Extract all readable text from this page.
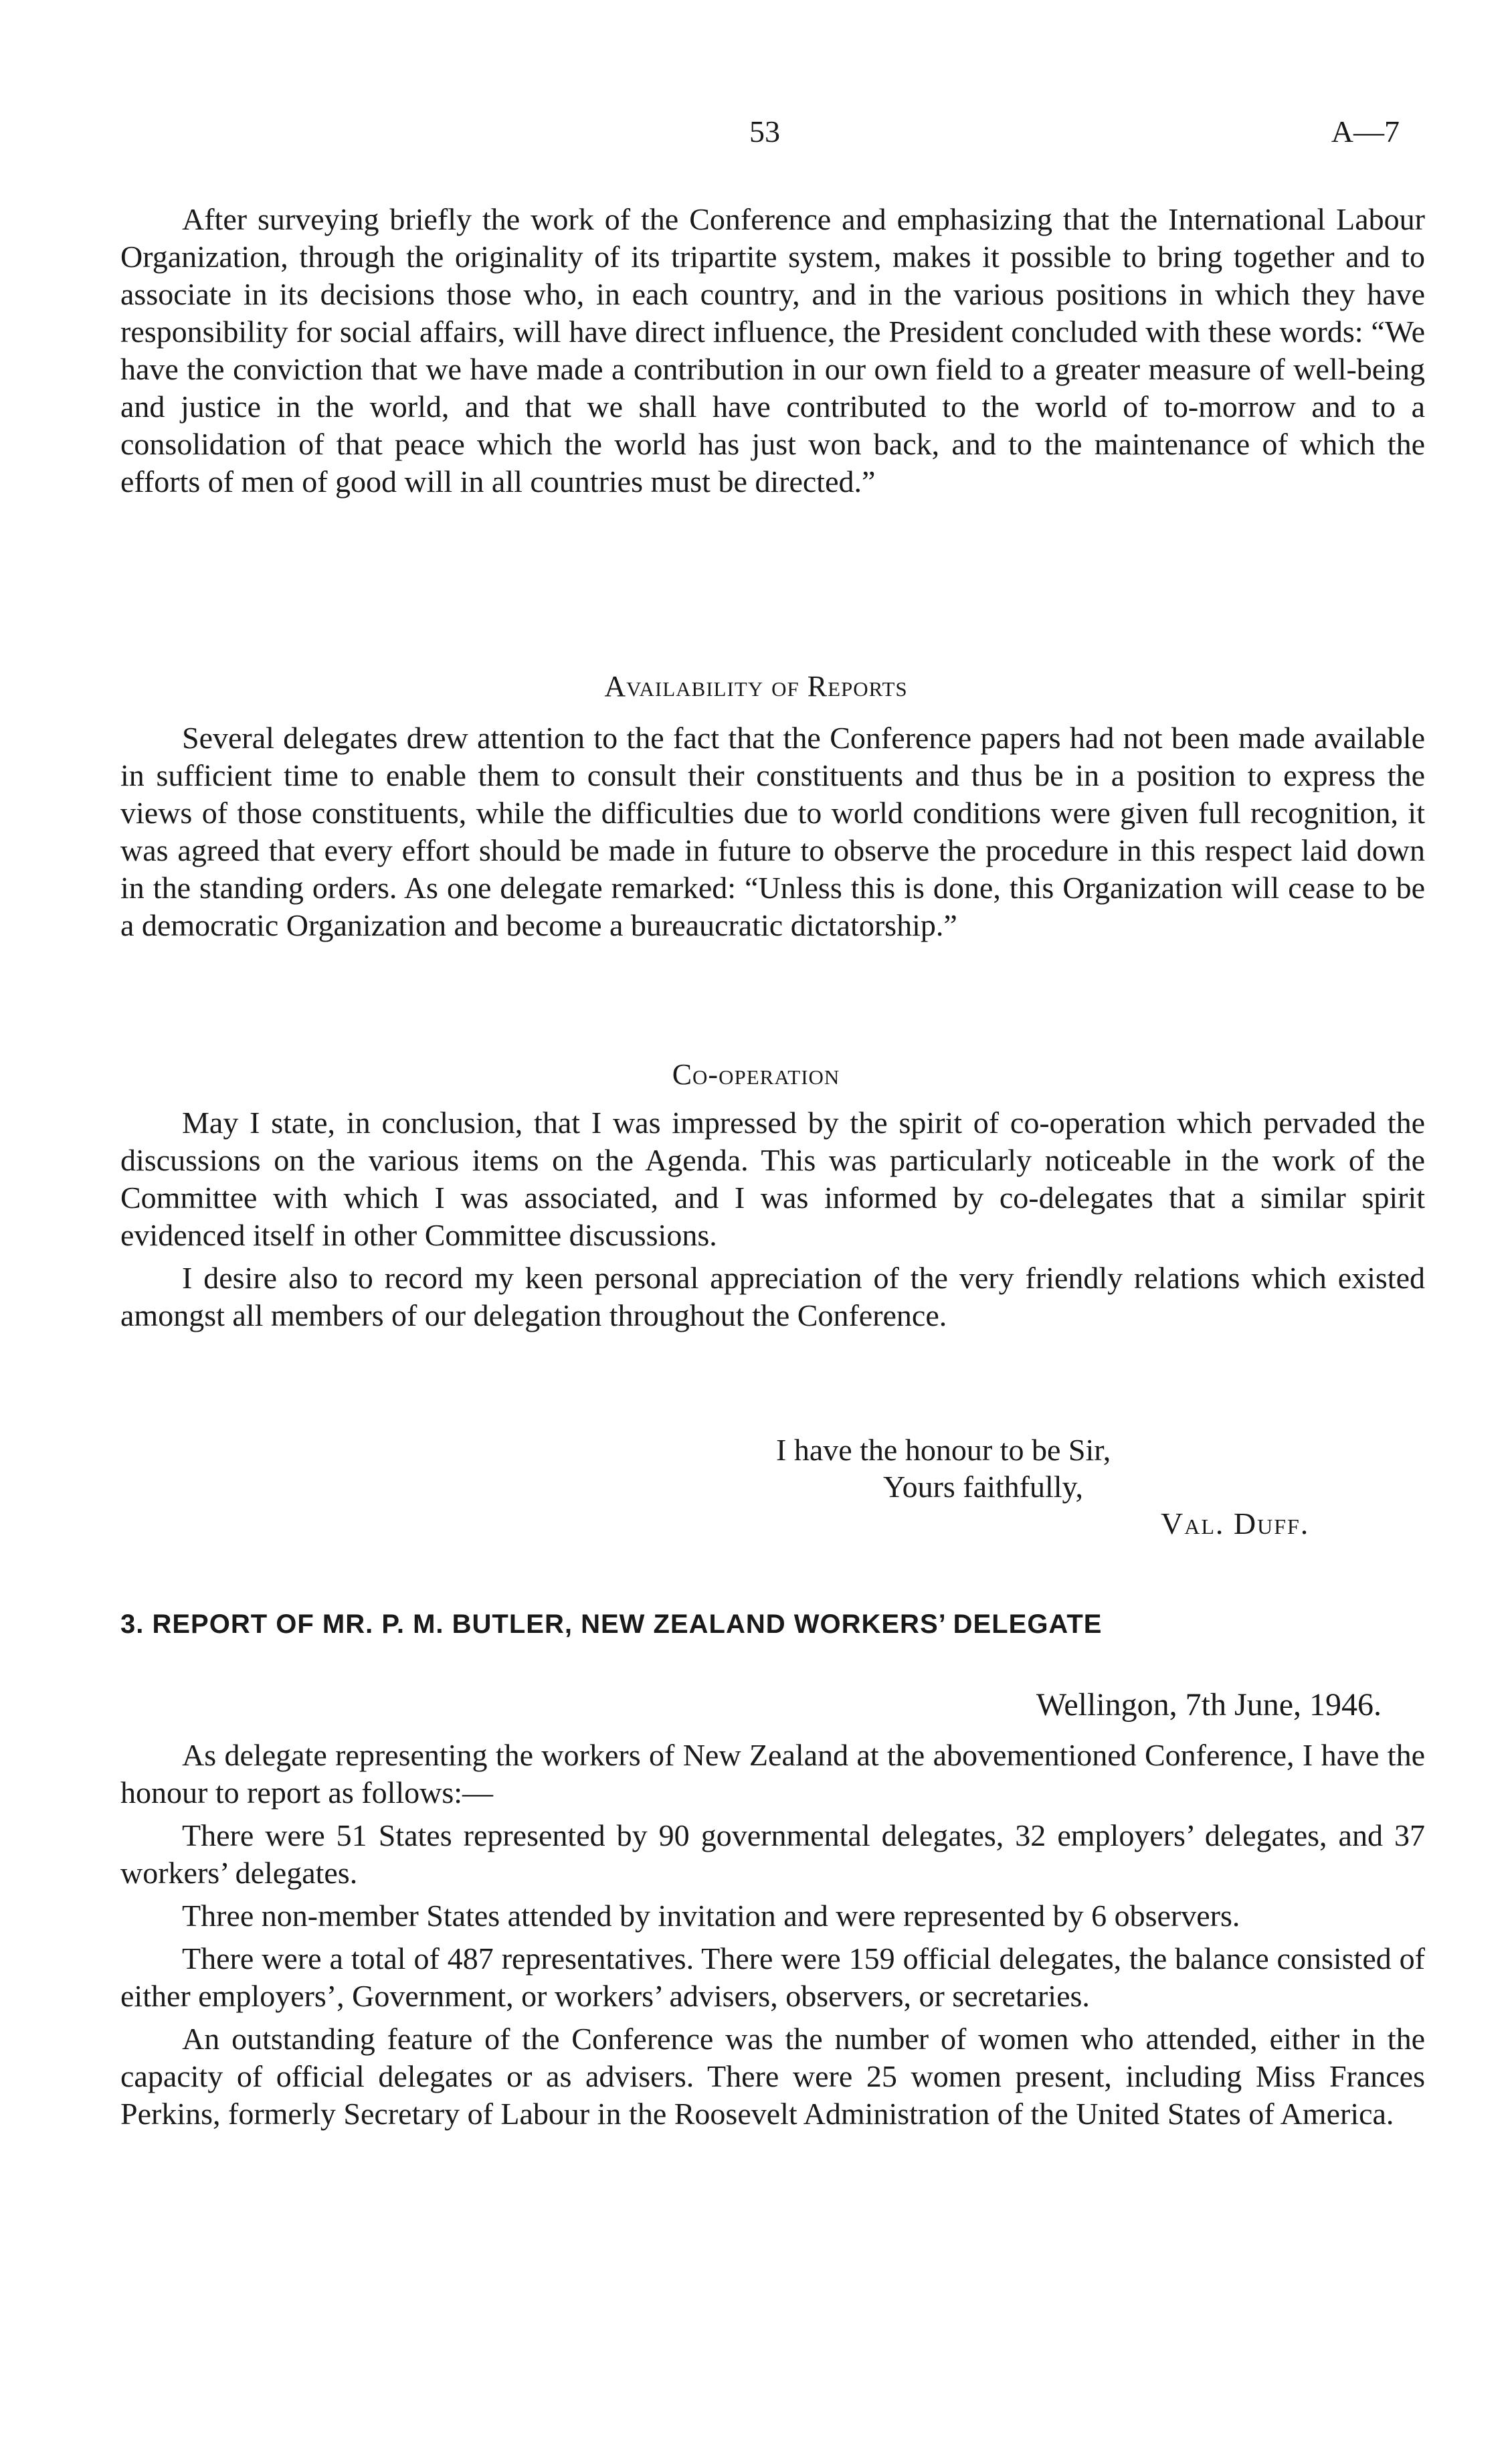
53	A—7

After surveying briefly the work of the Conference and emphasizing that the International Labour Organization, through the originality of its tripartite system, makes it possible to bring together and to associate in its decisions those who, in each country, and in the various positions in which they have responsibility for social affairs, will have direct influence, the President concluded with these words: “We have the conviction that we have made a contribution in our own field to a greater measure of well-being and justice in the world, and that we shall have contributed to the world of to-morrow and to a consolidation of that peace which the world has just won back, and to the maintenance of which the efforts of men of good will in all countries must be directed.”

Availability of Reports

Several delegates drew attention to the fact that the Conference papers had not been made available in sufficient time to enable them to consult their constituents and thus be in a position to express the views of those constituents, while the difficulties due to world conditions were given full recognition, it was agreed that every effort should be made in future to observe the procedure in this respect laid down in the standing orders. As one delegate remarked: “Unless this is done, this Organization will cease to be a democratic Organization and become a bureaucratic dictatorship.”

Co-operation

May I state, in conclusion, that I was impressed by the spirit of co-operation which pervaded the discussions on the various items on the Agenda. This was particularly noticeable in the work of the Committee with which I was associated, and I was informed by co-delegates that a similar spirit evidenced itself in other Committee discussions.

I desire also to record my keen personal appreciation of the very friendly relations which existed amongst all members of our delegation throughout the Conference.

I have the honour to be Sir,
Yours faithfully,
Val. Duff.
3. REPORT OF MR. P. M. BUTLER, NEW ZEALAND WORKERS’ DELEGATE
Wellingon, 7th June, 1946.

As delegate representing the workers of New Zealand at the abovementioned Conference, I have the honour to report as follows:—

There were 51 States represented by 90 governmental delegates, 32 employers’ delegates, and 37 workers’ delegates.

Three non-member States attended by invitation and were represented by 6 observers.

There were a total of 487 representatives. There were 159 official delegates, the balance consisted of either employers’, Government, or workers’ advisers, observers, or secretaries.

An outstanding feature of the Conference was the number of women who attended, either in the capacity of official delegates or as advisers. There were 25 women present, including Miss Frances Perkins, formerly Secretary of Labour in the Roosevelt Administration of the United States of America.
